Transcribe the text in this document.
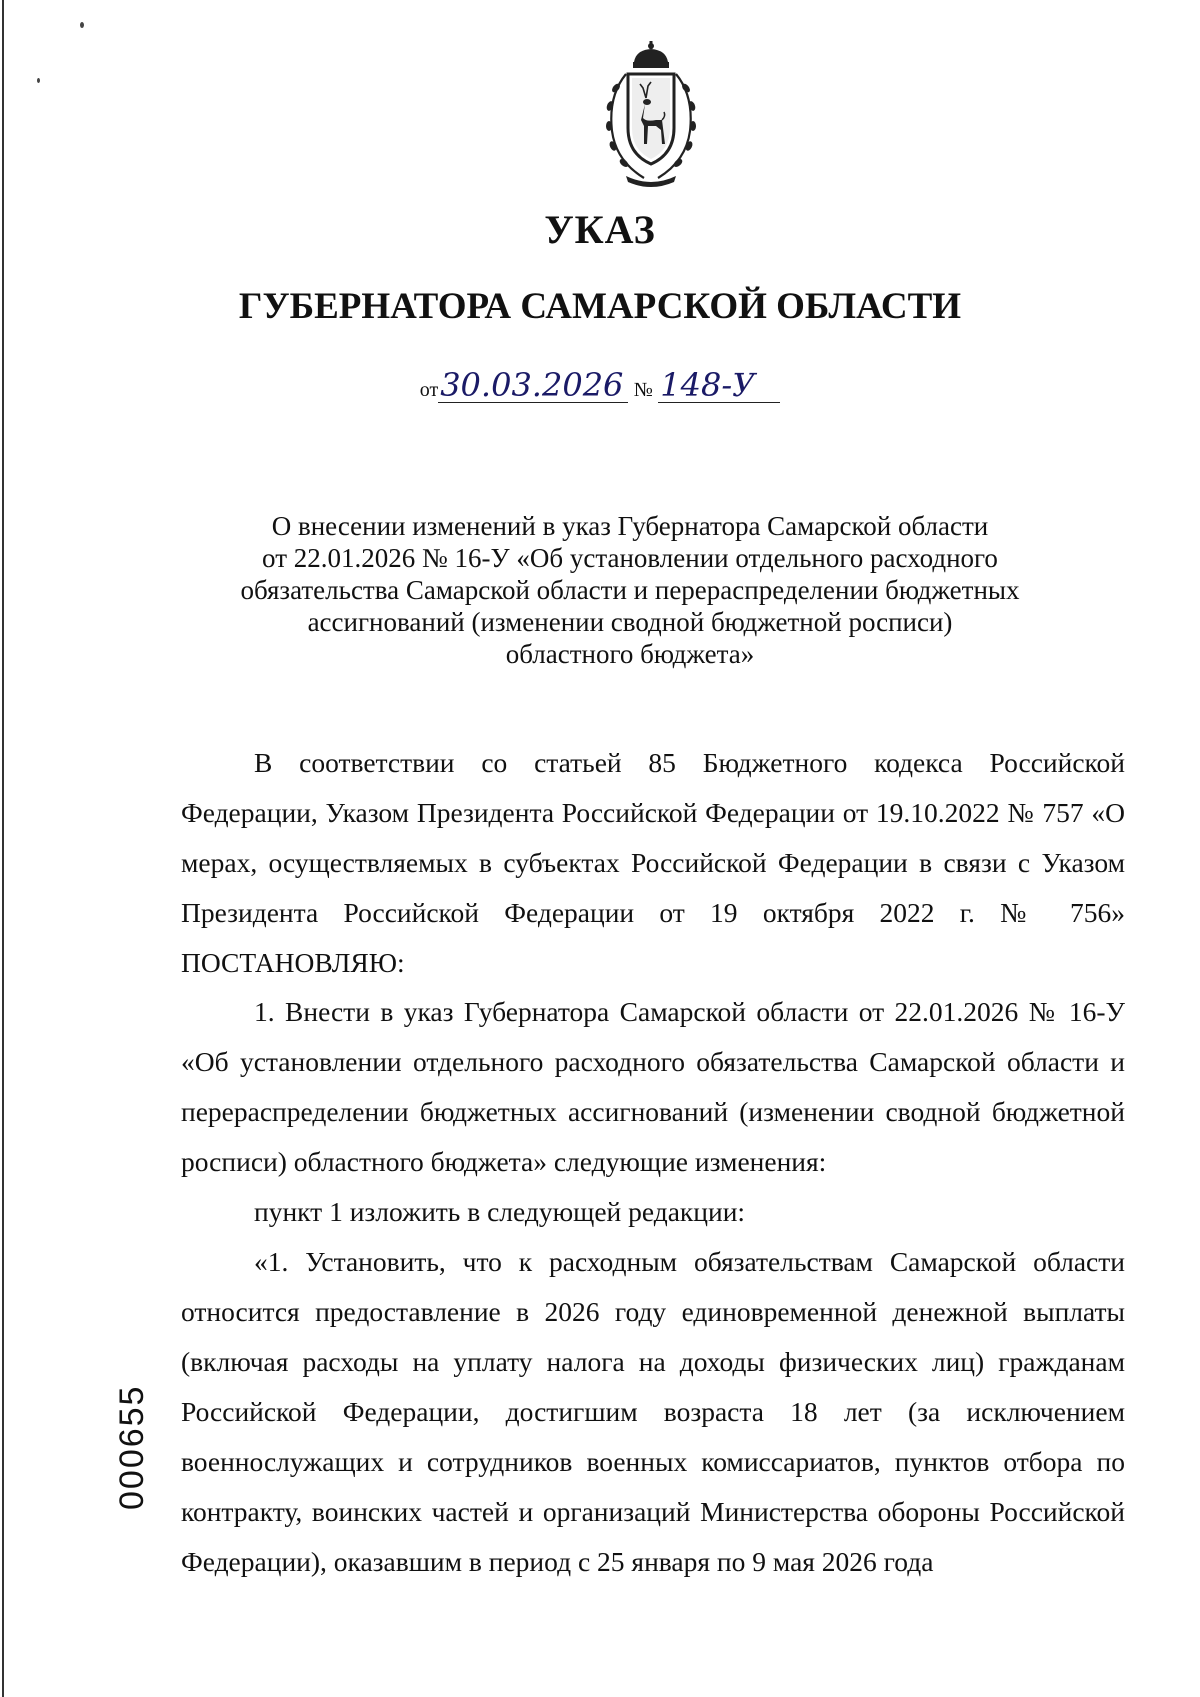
УКАЗ
ГУБЕРНАТОРА САМАРСКОЙ ОБЛАСТИ
от30.03.2026 № 148-У
О внесении изменений в указ Губернатора Самарской области
от 22.01.2026 № 16-У «Об установлении отдельного расходного
обязательства Самарской области и перераспределении бюджетных
ассигнований (изменении сводной бюджетной росписи)
областного бюджета»

В соответствии со статьей 85 Бюджетного кодекса Российской Федерации, Указом Президента Российской Федерации от 19.10.2022 № 757 «О мерах, осуществляемых в субъектах Российской Федерации в связи с Указом Президента Российской Федерации от 19 октября 2022 г. № 756» ПОСТАНОВЛЯЮ:

1. Внести в указ Губернатора Самарской области от 22.01.2026 № 16-У «Об установлении отдельного расходного обязательства Самарской области и перераспределении бюджетных ассигнований (изменении сводной бюджетной росписи) областного бюджета» следующие изменения:

пункт 1 изложить в следующей редакции:

«1. Установить, что к расходным обязательствам Самарской области относится предоставление в 2026 году единовременной денежной выплаты (включая расходы на уплату налога на доходы физических лиц) гражданам Российской Федерации, достигшим возраста 18 лет (за исключением военнослужащих и сотрудников военных комиссариатов, пунктов отбора по контракту, воинских частей и организаций Министерства обороны Российской Федерации), оказавшим в период с 25 января по 9 мая 2026 года

000655
